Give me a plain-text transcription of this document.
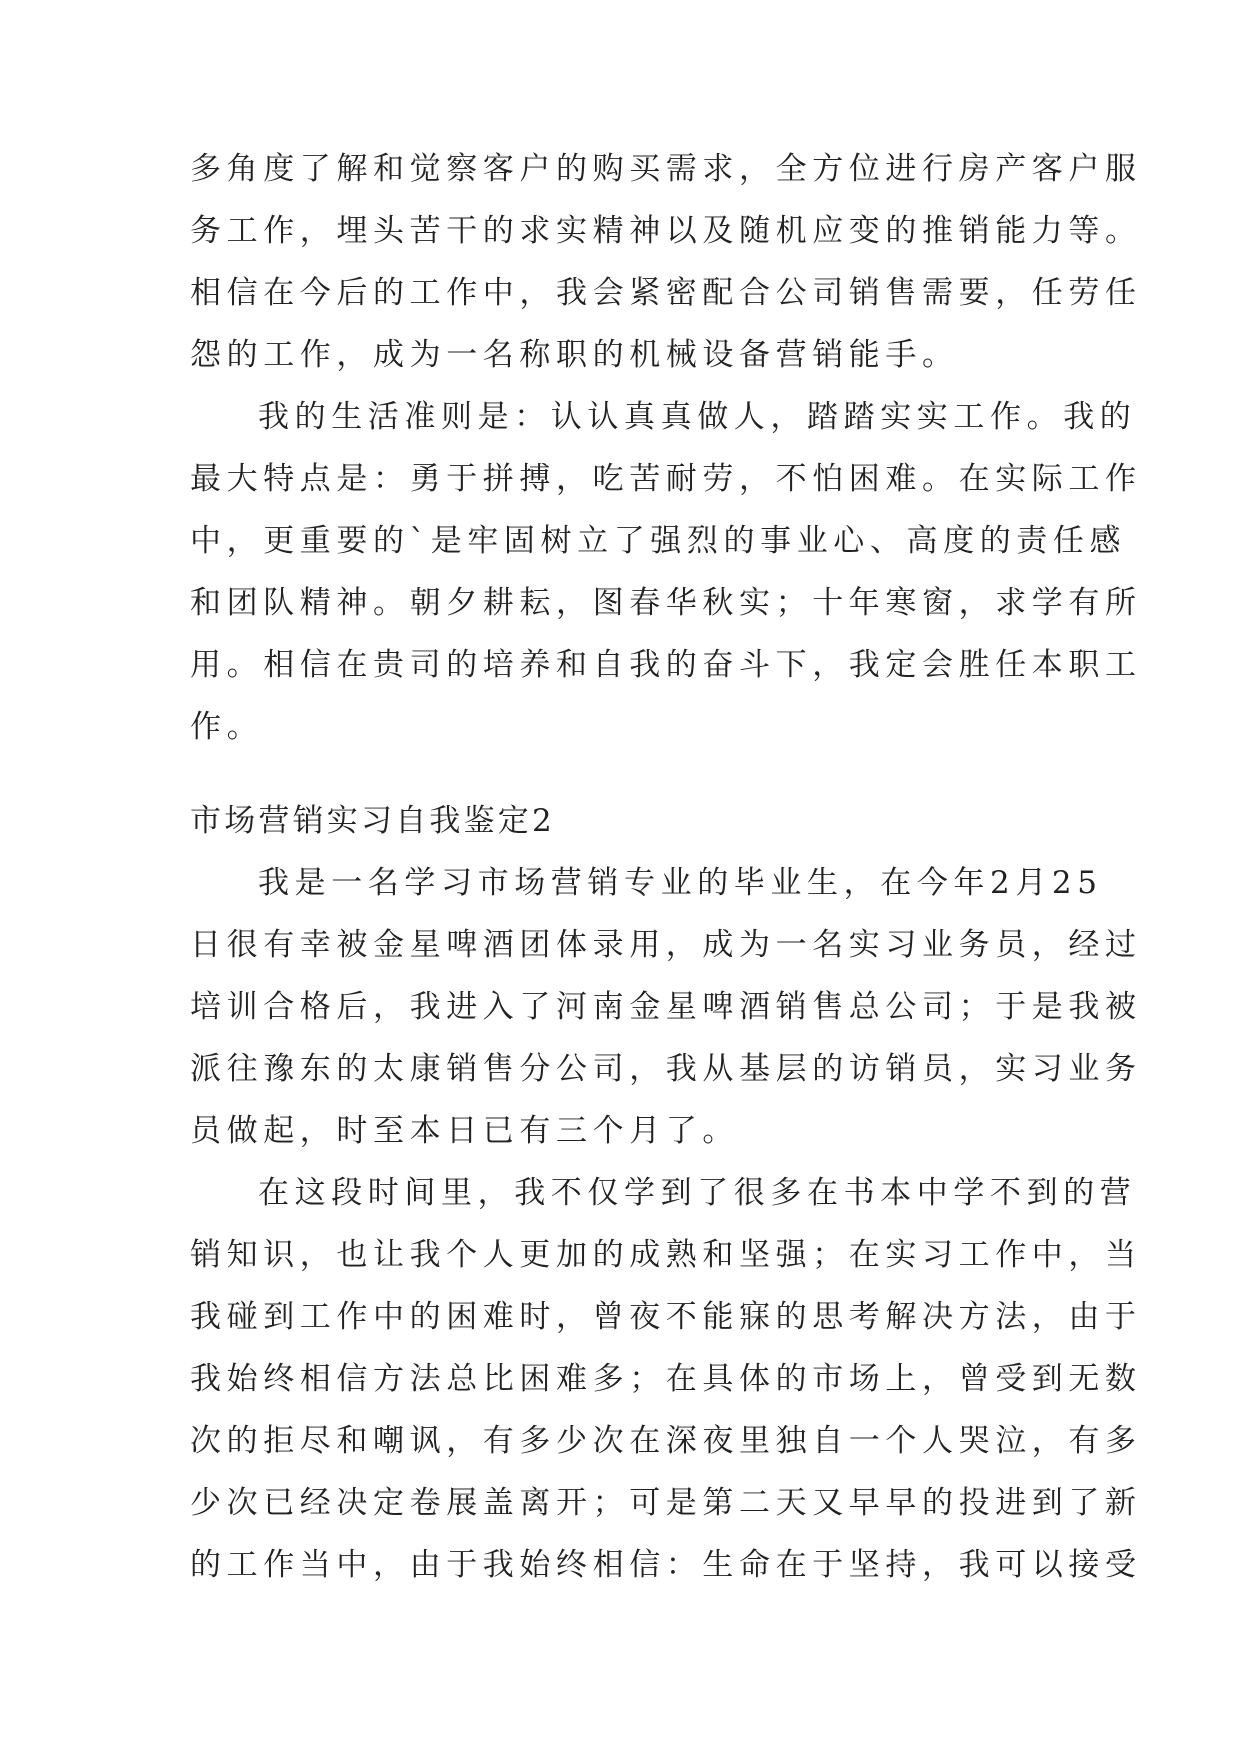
多角度了解和觉察客户的购买需求，全方位进行房产客户服
务工作，埋头苦干的求实精神以及随机应变的推销能力等。
相信在今后的工作中，我会紧密配合公司销售需要，任劳任
怨的工作，成为一名称职的机械设备营销能手。
我的生活准则是：认认真真做人，踏踏实实工作。我的
最大特点是：勇于拼搏，吃苦耐劳，不怕困难。在实际工作
中，更重要的`是牢固树立了强烈的事业心、高度的责任感
和团队精神。朝夕耕耘，图春华秋实；十年寒窗，求学有所
用。相信在贵司的培养和自我的奋斗下，我定会胜任本职工
作。
市场营销实习自我鉴定2
我是一名学习市场营销专业的毕业生，在今年2月25
日很有幸被金星啤酒团体录用，成为一名实习业务员，经过
培训合格后，我进入了河南金星啤酒销售总公司；于是我被
派往豫东的太康销售分公司，我从基层的访销员，实习业务
员做起，时至本日已有三个月了。
在这段时间里，我不仅学到了很多在书本中学不到的营
销知识，也让我个人更加的成熟和坚强；在实习工作中，当
我碰到工作中的困难时，曾夜不能寐的思考解决方法，由于
我始终相信方法总比困难多；在具体的市场上，曾受到无数
次的拒尽和嘲讽，有多少次在深夜里独自一个人哭泣，有多
少次已经决定卷展盖离开；可是第二天又早早的投进到了新
的工作当中，由于我始终相信：生命在于坚持，我可以接受
